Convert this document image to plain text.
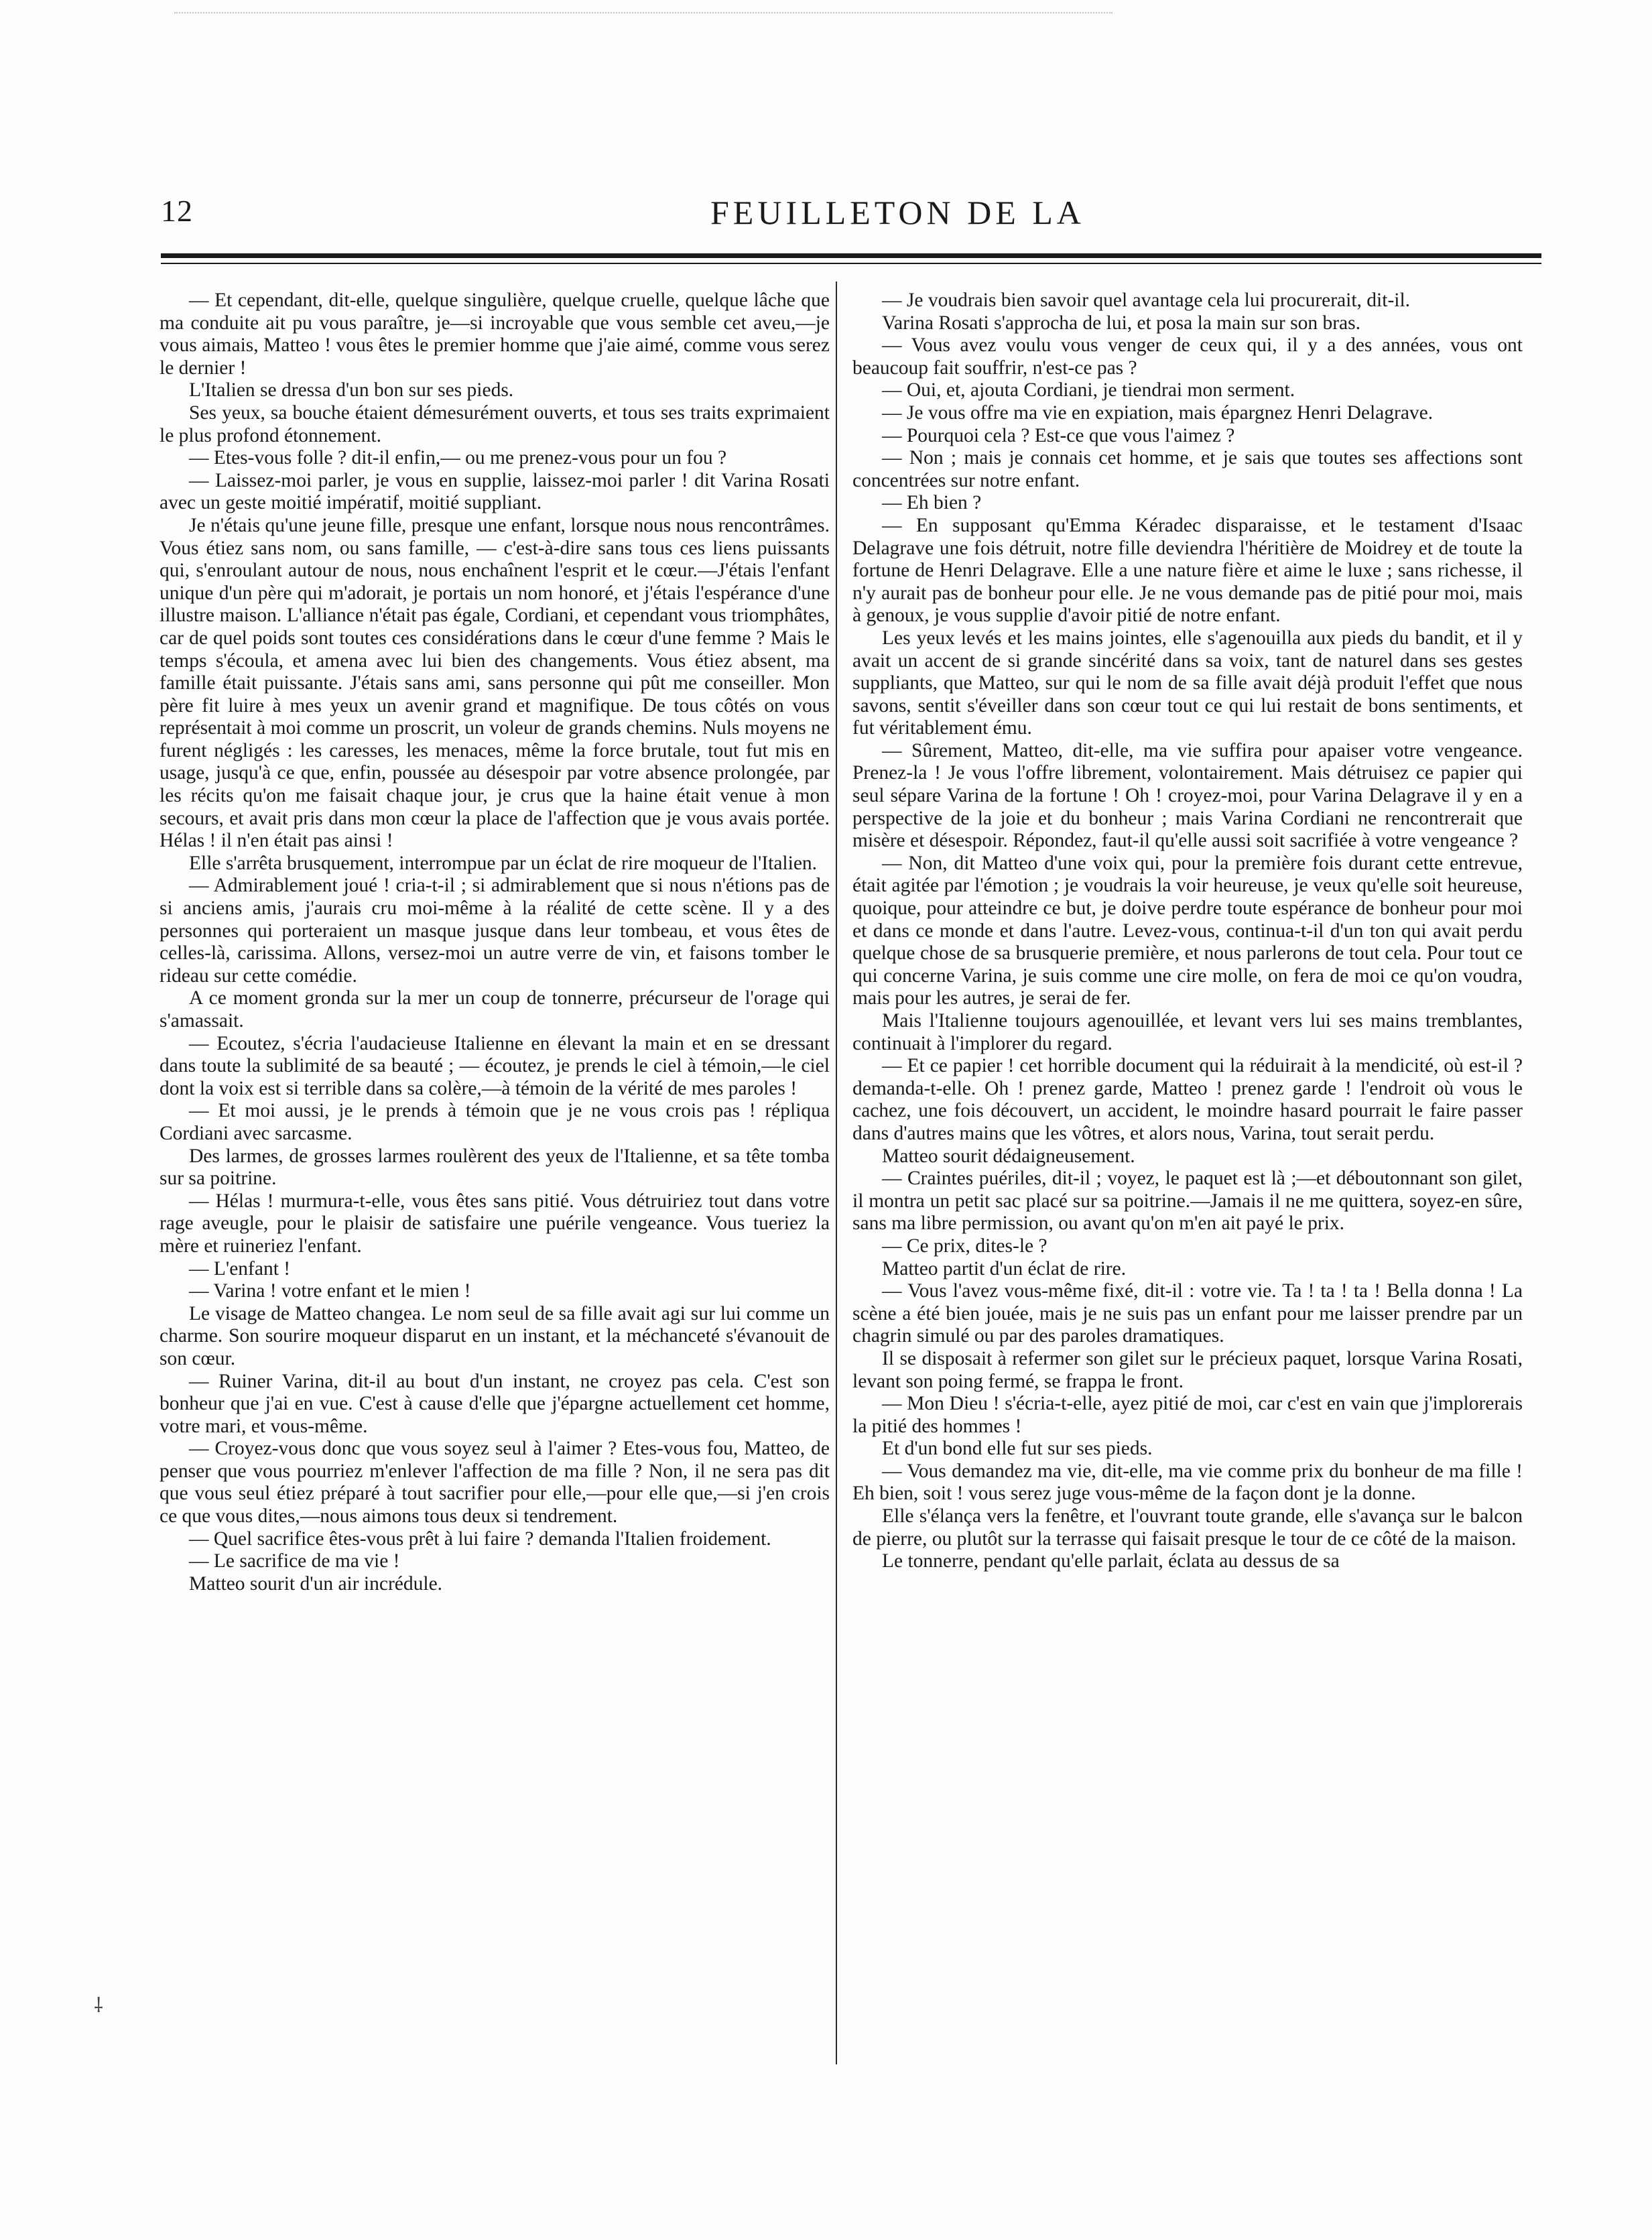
12	FEUILLETON DE LA

— Et cependant, dit-elle, quelque singulière, quelque cruelle, quelque lâche que ma conduite ait pu vous paraître, je—si incroyable que vous semble cet aveu,—je vous aimais, Matteo ! vous êtes le premier homme que j'aie aimé, comme vous serez le dernier !

L'Italien se dressa d'un bon sur ses pieds.

Ses yeux, sa bouche étaient démesurément ouverts, et tous ses traits exprimaient le plus profond étonnement.

— Etes-vous folle ? dit-il enfin,— ou me prenez-vous pour un fou ?

— Laissez-moi parler, je vous en supplie, laissez-moi parler ! dit Varina Rosati avec un geste moitié impératif, moitié suppliant.

Je n'étais qu'une jeune fille, presque une enfant, lorsque nous nous rencontrâmes. Vous étiez sans nom, ou sans famille, — c'est-à-dire sans tous ces liens puissants qui, s'enroulant autour de nous, nous enchaînent l'esprit et le cœur.—J'étais l'enfant unique d'un père qui m'adorait, je portais un nom honoré, et j'étais l'espérance d'une illustre maison. L'alliance n'était pas égale, Cordiani, et cependant vous triomphâtes, car de quel poids sont toutes ces considérations dans le cœur d'une femme ? Mais le temps s'écoula, et amena avec lui bien des changements. Vous étiez absent, ma famille était puissante. J'étais sans ami, sans personne qui pût me conseiller. Mon père fit luire à mes yeux un avenir grand et magnifique. De tous côtés on vous représentait à moi comme un proscrit, un voleur de grands chemins. Nuls moyens ne furent négligés : les caresses, les menaces, même la force brutale, tout fut mis en usage, jusqu'à ce que, enfin, poussée au désespoir par votre absence prolongée, par les récits qu'on me faisait chaque jour, je crus que la haine était venue à mon secours, et avait pris dans mon cœur la place de l'affection que je vous avais portée. Hélas ! il n'en était pas ainsi !

Elle s'arrêta brusquement, interrompue par un éclat de rire moqueur de l'Italien.

— Admirablement joué ! cria-t-il ; si admirablement que si nous n'étions pas de si anciens amis, j'aurais cru moi-même à la réalité de cette scène. Il y a des personnes qui porteraient un masque jusque dans leur tombeau, et vous êtes de celles-là, carissima. Allons, versez-moi un autre verre de vin, et faisons tomber le rideau sur cette comédie.

A ce moment gronda sur la mer un coup de tonnerre, précurseur de l'orage qui s'amassait.

— Ecoutez, s'écria l'audacieuse Italienne en élevant la main et en se dressant dans toute la sublimité de sa beauté ; — écoutez, je prends le ciel à témoin,—le ciel dont la voix est si terrible dans sa colère,—à témoin de la vérité de mes paroles !

— Et moi aussi, je le prends à témoin que je ne vous crois pas ! répliqua Cordiani avec sarcasme.

Des larmes, de grosses larmes roulèrent des yeux de l'Italienne, et sa tête tomba sur sa poitrine.

— Hélas ! murmura-t-elle, vous êtes sans pitié. Vous détruiriez tout dans votre rage aveugle, pour le plaisir de satisfaire une puérile vengeance. Vous tueriez la mère et ruineriez l'enfant.

— L'enfant !

— Varina ! votre enfant et le mien !

Le visage de Matteo changea. Le nom seul de sa fille avait agi sur lui comme un charme. Son sourire moqueur disparut en un instant, et la méchanceté s'évanouit de son cœur.

— Ruiner Varina, dit-il au bout d'un instant, ne croyez pas cela. C'est son bonheur que j'ai en vue. C'est à cause d'elle que j'épargne actuellement cet homme, votre mari, et vous-même.

— Croyez-vous donc que vous soyez seul à l'aimer ? Etes-vous fou, Matteo, de penser que vous pourriez m'enlever l'affection de ma fille ? Non, il ne sera pas dit que vous seul étiez préparé à tout sacrifier pour elle,—pour elle que,—si j'en crois ce que vous dites,—nous aimons tous deux si tendrement.

— Quel sacrifice êtes-vous prêt à lui faire ? demanda l'Italien froidement.

— Le sacrifice de ma vie !

Matteo sourit d'un air incrédule.

— Je voudrais bien savoir quel avantage cela lui procurerait, dit-il.

Varina Rosati s'approcha de lui, et posa la main sur son bras.

— Vous avez voulu vous venger de ceux qui, il y a des années, vous ont beaucoup fait souffrir, n'est-ce pas ?

— Oui, et, ajouta Cordiani, je tiendrai mon serment.

— Je vous offre ma vie en expiation, mais épargnez Henri Delagrave.

— Pourquoi cela ? Est-ce que vous l'aimez ?

— Non ; mais je connais cet homme, et je sais que toutes ses affections sont concentrées sur notre enfant.

— Eh bien ?

— En supposant qu'Emma Kéradec disparaisse, et le testament d'Isaac Delagrave une fois détruit, notre fille deviendra l'héritière de Moidrey et de toute la fortune de Henri Delagrave. Elle a une nature fière et aime le luxe ; sans richesse, il n'y aurait pas de bonheur pour elle. Je ne vous demande pas de pitié pour moi, mais à genoux, je vous supplie d'avoir pitié de notre enfant.

Les yeux levés et les mains jointes, elle s'agenouilla aux pieds du bandit, et il y avait un accent de si grande sincérité dans sa voix, tant de naturel dans ses gestes suppliants, que Matteo, sur qui le nom de sa fille avait déjà produit l'effet que nous savons, sentit s'éveiller dans son cœur tout ce qui lui restait de bons sentiments, et fut véritablement ému.

— Sûrement, Matteo, dit-elle, ma vie suffira pour apaiser votre vengeance. Prenez-la ! Je vous l'offre librement, volontairement. Mais détruisez ce papier qui seul sépare Varina de la fortune ! Oh ! croyez-moi, pour Varina Delagrave il y en a perspective de la joie et du bonheur ; mais Varina Cordiani ne rencontrerait que misère et désespoir. Répondez, faut-il qu'elle aussi soit sacrifiée à votre vengeance ?

— Non, dit Matteo d'une voix qui, pour la première fois durant cette entrevue, était agitée par l'émotion ; je voudrais la voir heureuse, je veux qu'elle soit heureuse, quoique, pour atteindre ce but, je doive perdre toute espérance de bonheur pour moi et dans ce monde et dans l'autre. Levez-vous, continua-t-il d'un ton qui avait perdu quelque chose de sa brusquerie première, et nous parlerons de tout cela. Pour tout ce qui concerne Varina, je suis comme une cire molle, on fera de moi ce qu'on voudra, mais pour les autres, je serai de fer.

Mais l'Italienne toujours agenouillée, et levant vers lui ses mains tremblantes, continuait à l'implorer du regard.

— Et ce papier ! cet horrible document qui la réduirait à la mendicité, où est-il ? demanda-t-elle. Oh ! prenez garde, Matteo ! prenez garde ! l'endroit où vous le cachez, une fois découvert, un accident, le moindre hasard pourrait le faire passer dans d'autres mains que les vôtres, et alors nous, Varina, tout serait perdu.

Matteo sourit dédaigneusement.

— Craintes puériles, dit-il ; voyez, le paquet est là ;—et déboutonnant son gilet, il montra un petit sac placé sur sa poitrine.—Jamais il ne me quittera, soyez-en sûre, sans ma libre permission, ou avant qu'on m'en ait payé le prix.

— Ce prix, dites-le ?

Matteo partit d'un éclat de rire.

— Vous l'avez vous-même fixé, dit-il : votre vie. Ta ! ta ! ta ! Bella donna ! La scène a été bien jouée, mais je ne suis pas un enfant pour me laisser prendre par un chagrin simulé ou par des paroles dramatiques.

Il se disposait à refermer son gilet sur le précieux paquet, lorsque Varina Rosati, levant son poing fermé, se frappa le front.

— Mon Dieu ! s'écria-t-elle, ayez pitié de moi, car c'est en vain que j'implorerais la pitié des hommes !

Et d'un bond elle fut sur ses pieds.

— Vous demandez ma vie, dit-elle, ma vie comme prix du bonheur de ma fille ! Eh bien, soit ! vous serez juge vous-même de la façon dont je la donne.

Elle s'élança vers la fenêtre, et l'ouvrant toute grande, elle s'avança sur le balcon de pierre, ou plutôt sur la terrasse qui faisait presque le tour de ce côté de la maison.

Le tonnerre, pendant qu'elle parlait, éclata au dessus de sa

⸸
